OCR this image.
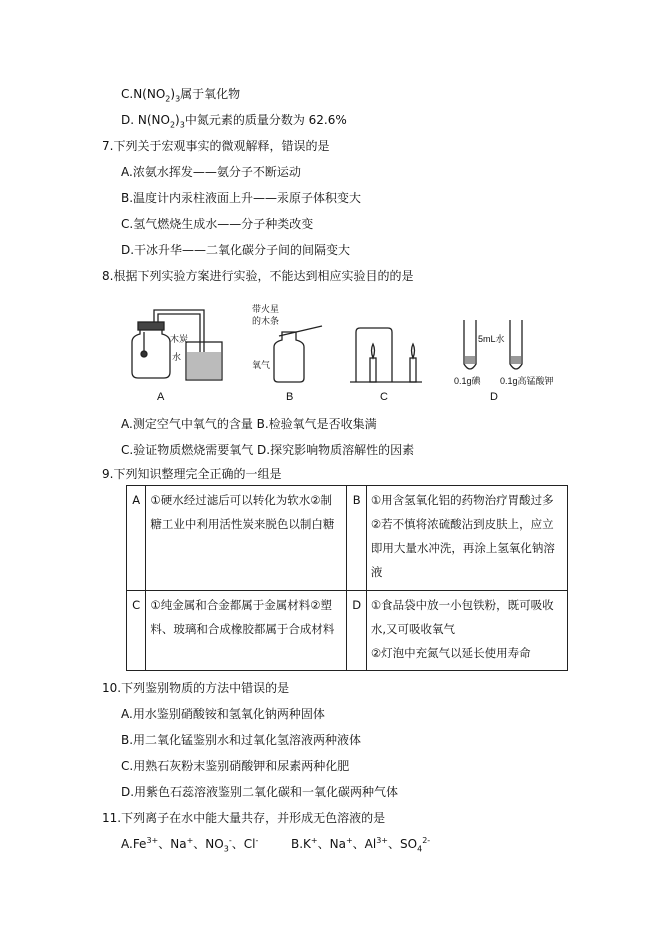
$C.N(NO_2)_3$属于氧化物
D. $N(NO_2)_3$中氮元素的质量分数为 62.6%
7.下列关于宏观事实的微观解释，错误的是
A.浓氨水挥发——氨分子不断运动
B.温度计内汞柱液面上升——汞原子体积变大
C.氢气燃烧生成水——分子种类改变
D.干冰升华——二氧化碳分子间的间隔变大
8.根据下列实验方案进行实验，不能达到相应实验目的的是
木炭
水
A
带火星
的木条
氧气
B	C
5mL水
0.1g碘 0.1g高锰酸钾
D
A.测定空气中氧气的含量 B.检验氧气是否收集满
C.验证物质燃烧需要氧气 D.探究影响物质溶解性的因素
9.下列知识整理完全正确的一组是
A	①硬水经过滤后可以转化为软水②制糖工业中利用活性炭来脱色以制白糖	B	①用含氢氧化铝的药物治疗胃酸过多
②若不慎将浓硫酸沾到皮肤上，应立即用大量水冲洗，再涂上氢氧化钠溶液

C	①纯金属和合金都属于金属材料②塑料、玻璃和合成橡胶都属于合成材料	D	①食品袋中放一小包铁粉，既可吸收水,又可吸收氧气
②灯泡中充氮气以延长使用寿命
10.下列鉴别物质的方法中错误的是
A.用水鉴别硝酸铵和氢氧化钠两种固体
B.用二氧化锰鉴别水和过氧化氢溶液两种液体
C.用熟石灰粉末鉴别硝酸钾和尿素两种化肥
D.用紫色石蕊溶液鉴别二氧化碳和一氧化碳两种气体
11.下列离子在水中能大量共存，并形成无色溶液的是
$A.Fe^{3+}$、Na+、$NO_3^-$、Cl-	B.K+、Na+、$Al^{3+}$、$SO_4^{2-}$
